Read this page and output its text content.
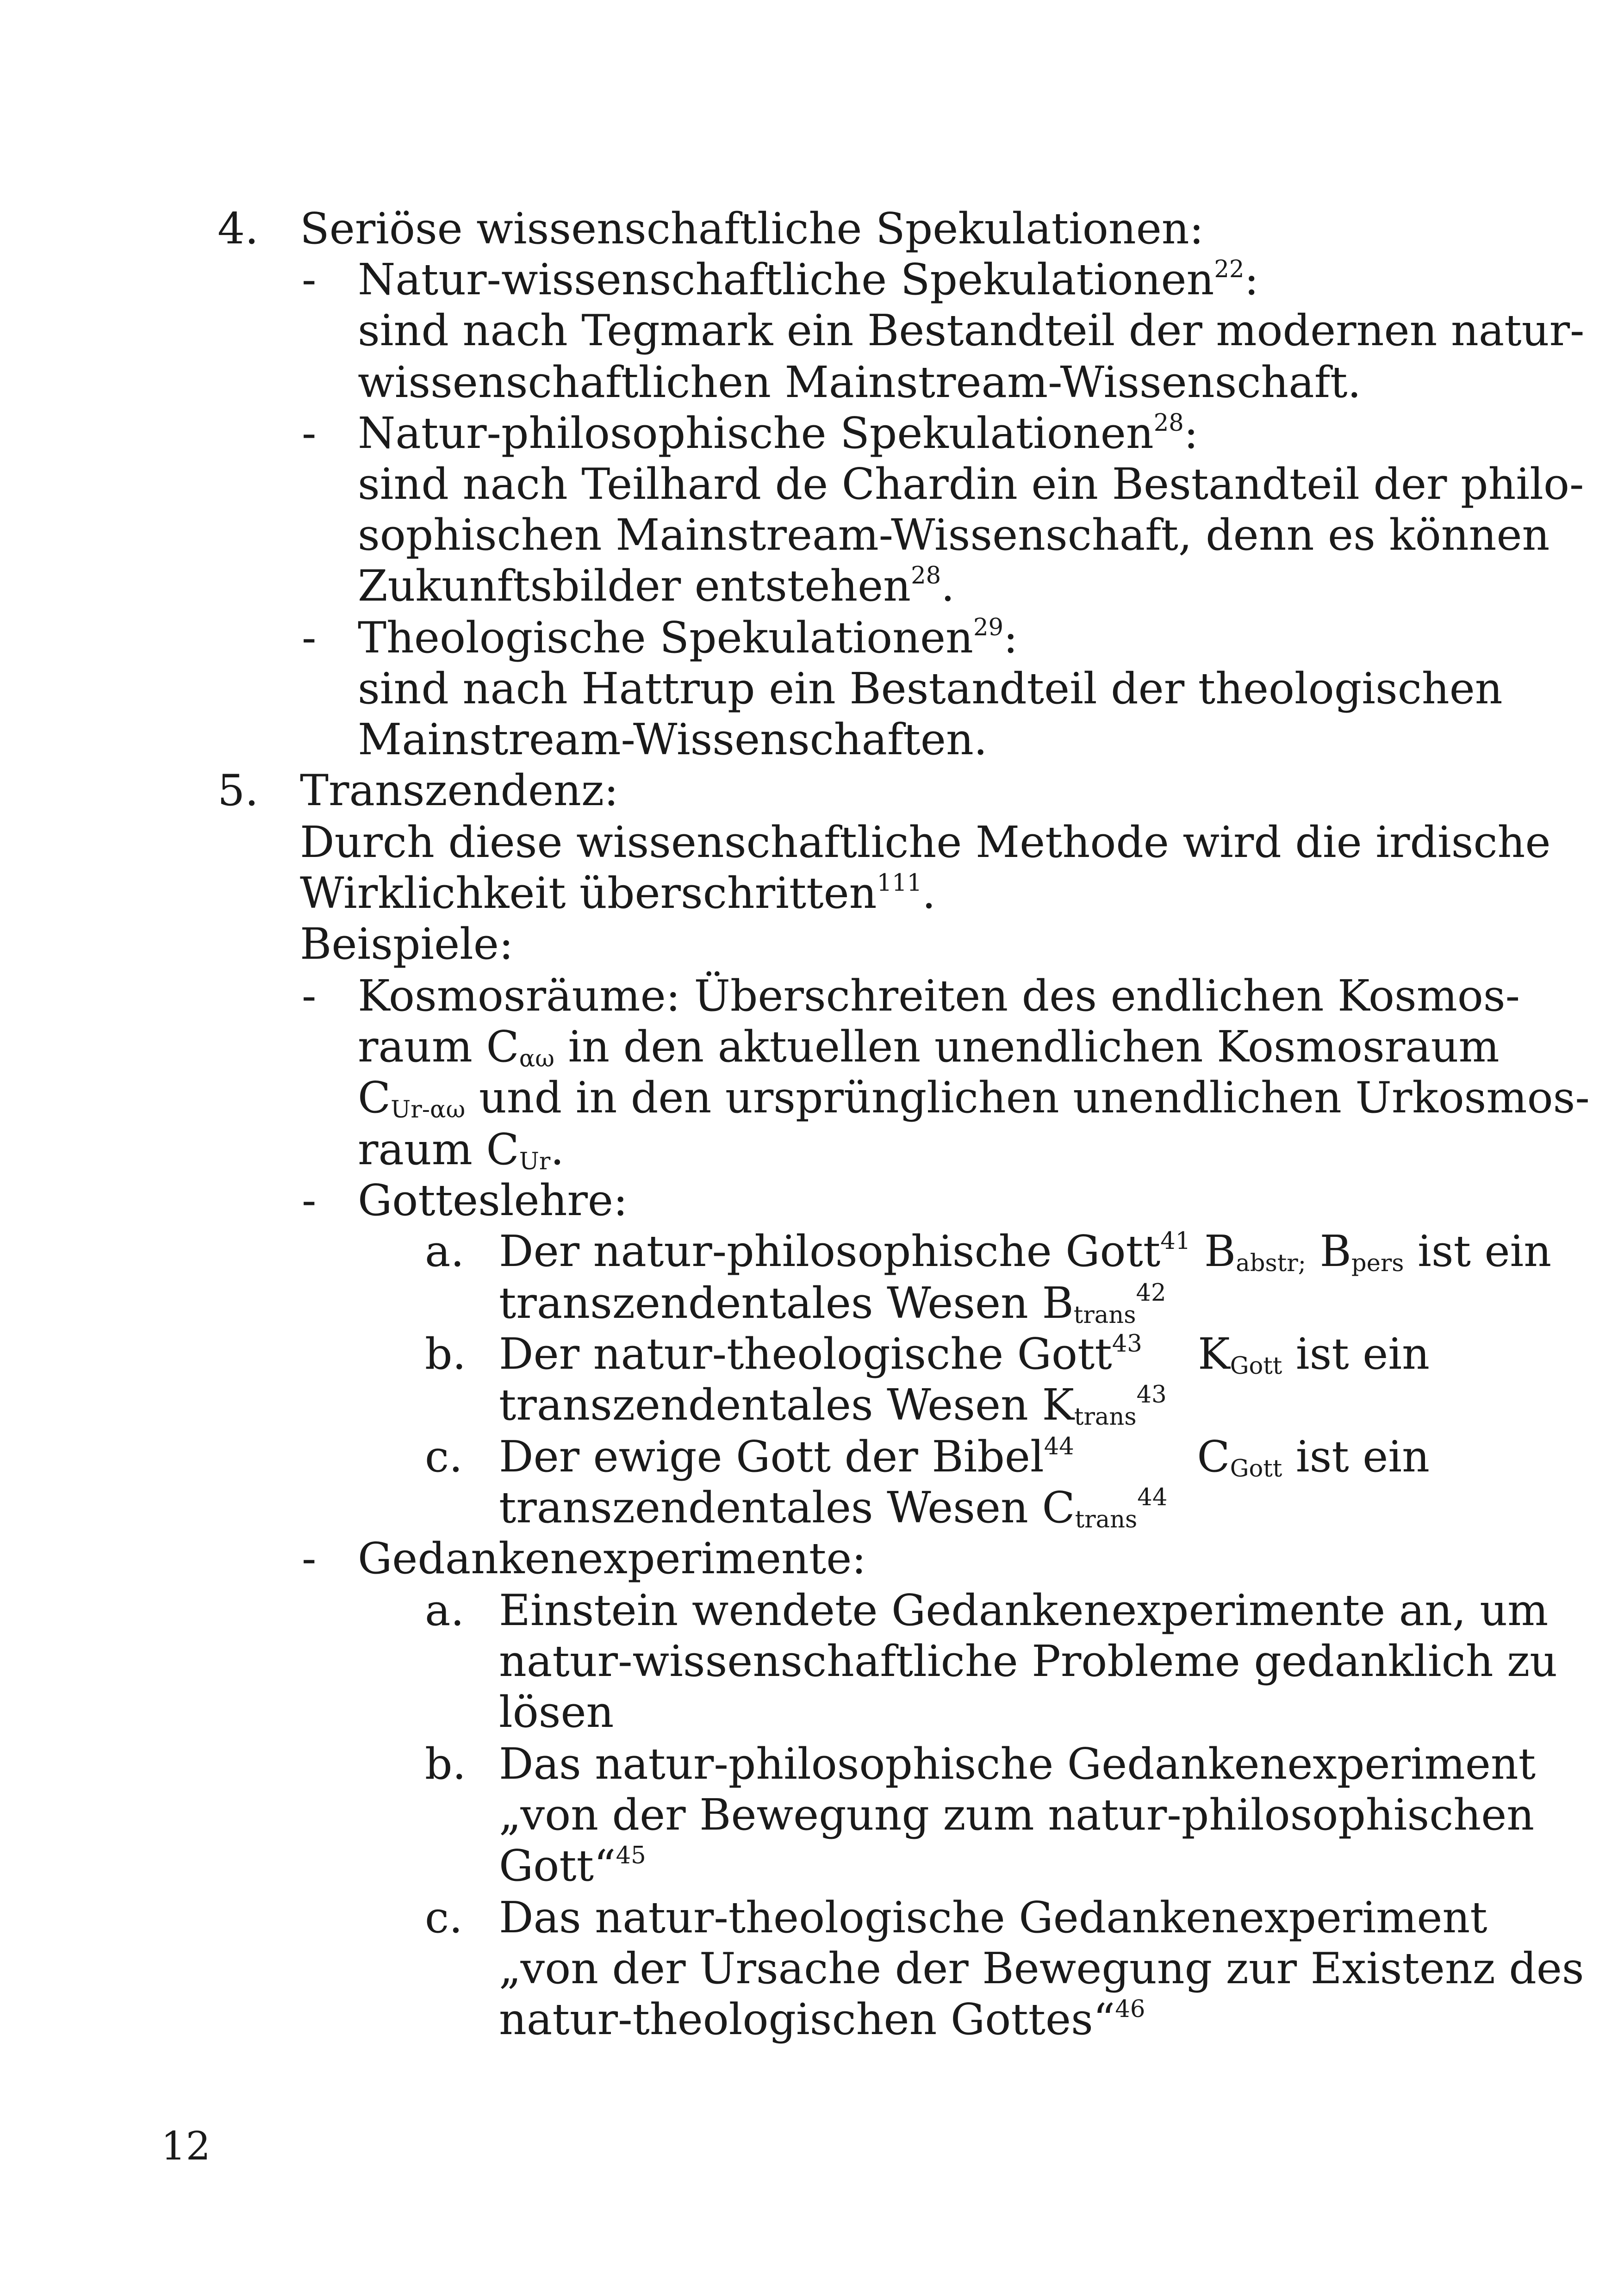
4. Seriöse wissenschaftliche Spekulationen:
- Natur-wissenschaftliche Spekulationen$^{22}$:
sind nach Tegmark ein Bestandteil der modernen natur-
wissenschaftlichen Mainstream-Wissenschaft.
- Natur-philosophische Spekulationen$^{28}$:
sind nach Teilhard de Chardin ein Bestandteil der philo-
sophischen Mainstream-Wissenschaft, denn es können
Zukunftsbilder entstehen$^{28}$.
- Theologische Spekulationen$^{29}$:
sind nach Hattrup ein Bestandteil der theologischen
Mainstream-Wissenschaften.
5. Transzendenz:
Durch diese wissenschaftliche Methode wird die irdische
Wirklichkeit überschritten$^{111}$.
Beispiele:
- Kosmosräume: Überschreiten des endlichen Kosmos-
raum $C_{\alpha\omega}$ in den aktuellen unendlichen Kosmosraum
$C_{Ur-\alpha\omega}$ und in den ursprünglichen unendlichen Urkosmos-
raum $C_{Ur}$.
- Gotteslehre:
a. Der natur-philosophische Gott$^{41}$ $B_{abstr;}$ $B_{pers}$ ist ein
transzendentales Wesen $B_{trans}^{42}$
b. Der natur-theologische Gott$^{43}$ $K_{Gott}$ ist ein
transzendentales Wesen $K_{trans}^{43}$
c. Der ewige Gott der Bibel$^{44}$	$C_{Gott}$ ist ein
transzendentales Wesen $C_{trans}^{44}$
- Gedankenexperimente:
a. Einstein wendete Gedankenexperimente an, um
natur-wissenschaftliche Probleme gedanklich zu
lösen
b. Das natur-philosophische Gedankenexperiment
„von der Bewegung zum natur-philosophischen
Gott“$^{45}$
c. Das natur-theologische Gedankenexperiment
„von der Ursache der Bewegung zur Existenz des
natur-theologischen Gottes“$^{46}$
12
